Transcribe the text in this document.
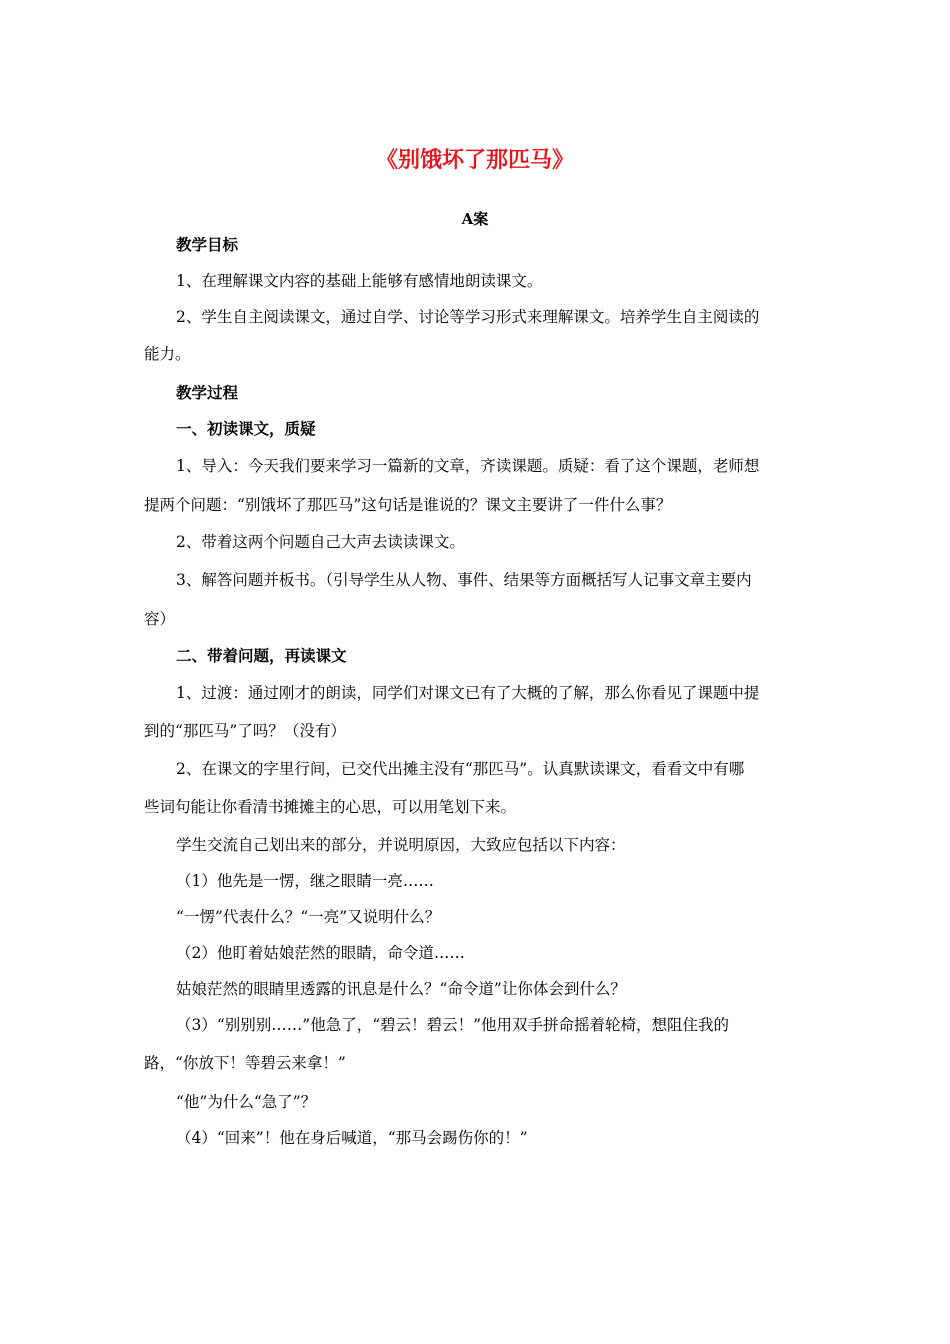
《别饿坏了那匹马》
A案
教学目标
1、在理解课文内容的基础上能够有感情地朗读课文。
2、学生自主阅读课文，通过自学、讨论等学习形式来理解课文。培养学生自主阅读的
能力。
教学过程
一、初读课文，质疑
1、导入：今天我们要来学习一篇新的文章，齐读课题。质疑：看了这个课题，老师想
提两个问题：“别饿坏了那匹马”这句话是谁说的？课文主要讲了一件什么事？
2、带着这两个问题自己大声去读读课文。
3、解答问题并板书。（引导学生从人物、事件、结果等方面概括写人记事文章主要内
容）
二、带着问题，再读课文
1、过渡：通过刚才的朗读，同学们对课文已有了大概的了解，那么你看见了课题中提
到的“那匹马”了吗？（没有）
2、在课文的字里行间，已交代出摊主没有“那匹马”。认真默读课文，看看文中有哪
些词句能让你看清书摊摊主的心思，可以用笔划下来。
学生交流自己划出来的部分，并说明原因，大致应包括以下内容：
（1）他先是一愣，继之眼睛一亮……
“一愣”代表什么？“一亮”又说明什么？
（2）他盯着姑娘茫然的眼睛，命令道……
姑娘茫然的眼睛里透露的讯息是什么？“命令道”让你体会到什么？
（3）“别别别……”他急了，“碧云！碧云！”他用双手拼命摇着轮椅，想阻住我的
路，“你放下！等碧云来拿！”
“他”为什么“急了”？
（4）“回来”！他在身后喊道，“那马会踢伤你的！”
